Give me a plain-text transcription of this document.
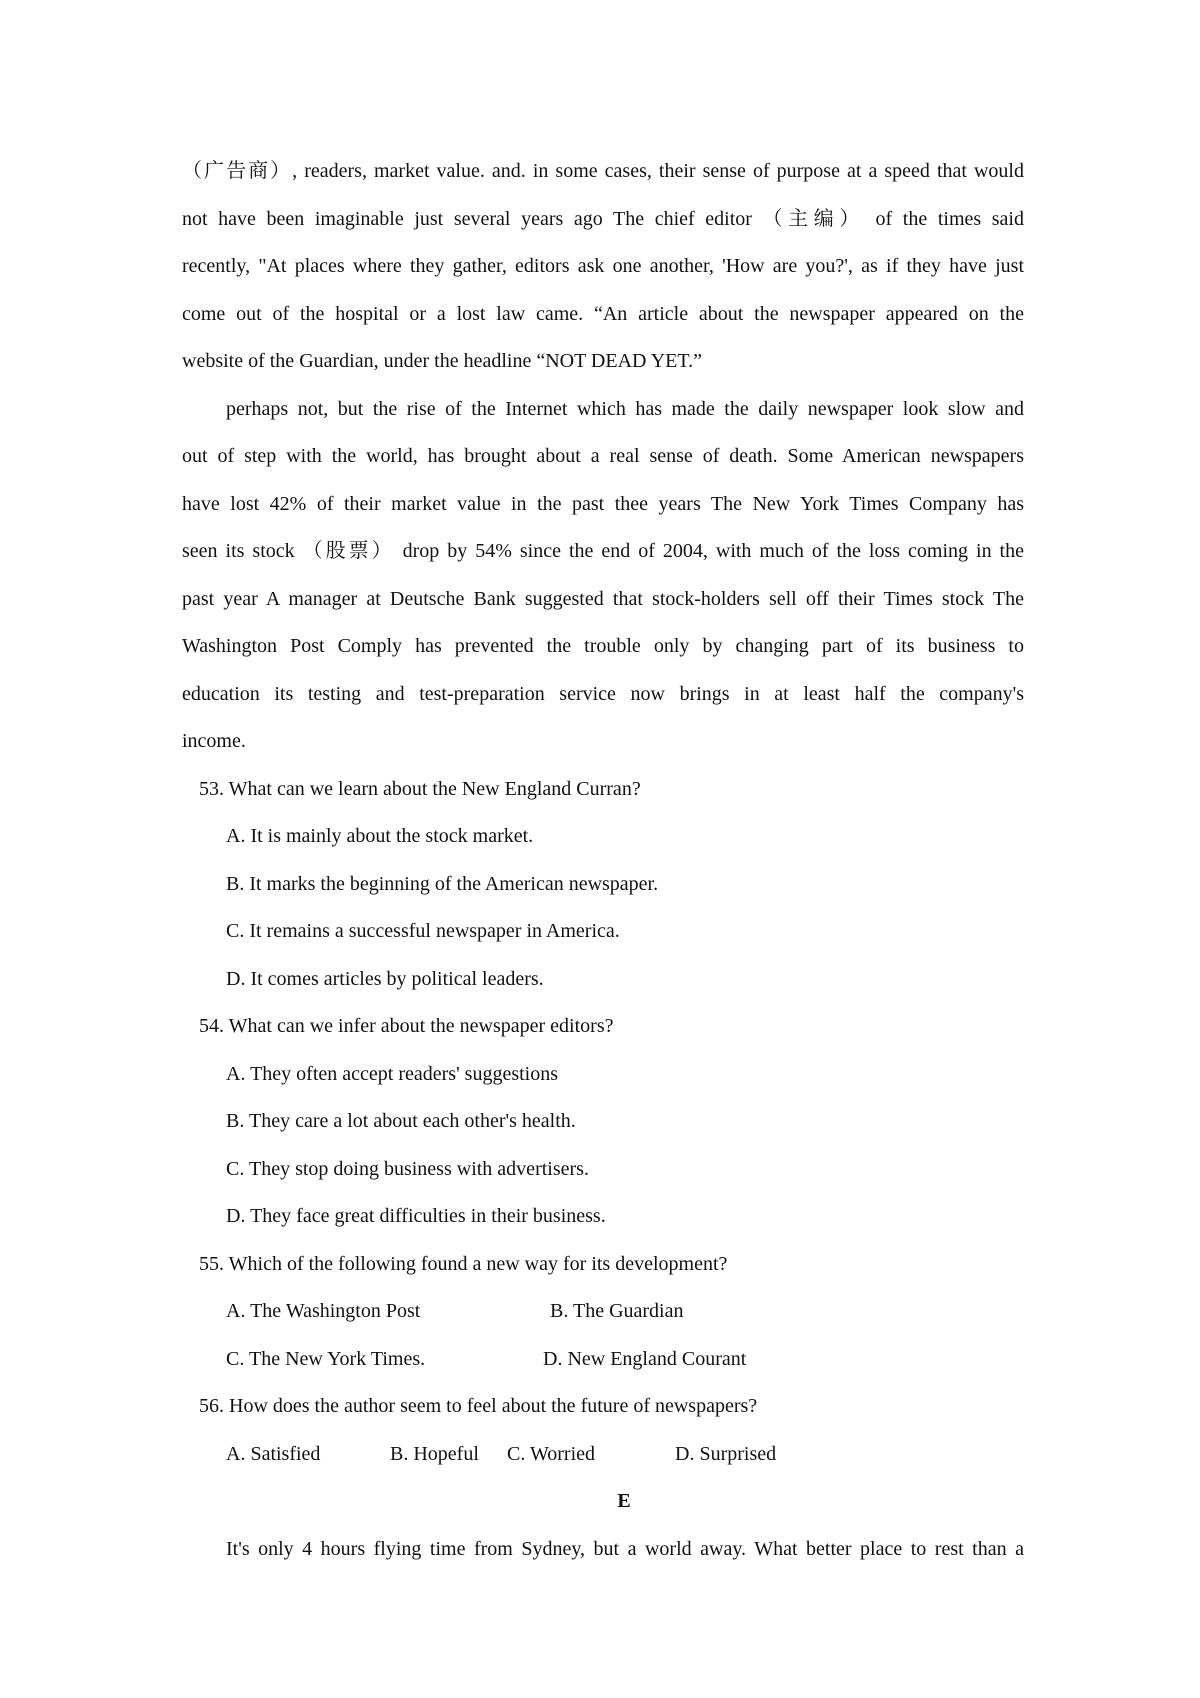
（广告商）, readers, market value. and. in some cases, their sense of purpose at a speed that would
not have been imaginable just several years ago The chief editor （主编） of the times said
recently, "At places where they gather, editors ask one another, 'How are you?', as if they have just
come out of the hospital or a lost law came. “An article about the newspaper appeared on the
website of the Guardian, under the headline “NOT DEAD YET.”
perhaps not, but the rise of the Internet which has made the daily newspaper look slow and
out of step with the world, has brought about a real sense of death. Some American newspapers
have lost 42% of their market value in the past thee years The New York Times Company has
seen its stock （股票） drop by 54% since the end of 2004, with much of the loss coming in the
past year A manager at Deutsche Bank suggested that stock-holders sell off their Times stock The
Washington Post Comply has prevented the trouble only by changing part of its business to
education its testing and test-preparation service now brings in at least half the company's
income.
53. What can we learn about the New England Curran?
A. It is mainly about the stock market.
B. It marks the beginning of the American newspaper.
C. It remains a successful newspaper in America.
D. It comes articles by political leaders.
54. What can we infer about the newspaper editors?
A. They often accept readers' suggestions
B. They care a lot about each other's health.
C. They stop doing business with advertisers.
D. They face great difficulties in their business.
55. Which of the following found a new way for its development?
A. The Washington Post	B. The Guardian
C. The New York Times.	D. New England Courant
56. How does the author seem to feel about the future of newspapers?
A. Satisfied	B. Hopeful C. Worried	D. Surprised
E
It's only 4 hours flying time from Sydney, but a world away. What better place to rest than a
